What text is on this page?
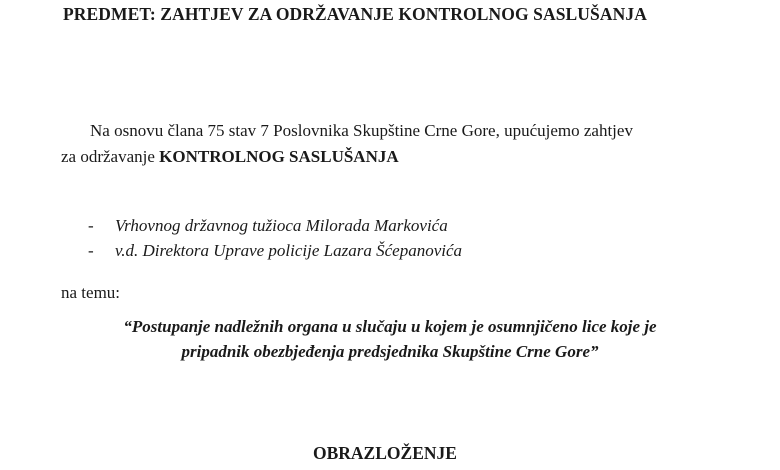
PREDMET: ZAHTJEV ZA ODRŽAVANJE KONTROLNOG SASLUŠANJA
Na osnovu člana 75 stav 7 Poslovnika Skupštine Crne Gore, upućujemo zahtjev
za održavanje KONTROLNOG SASLUŠANJA
-	Vrhovnog državnog tužioca Milorada Markovića
-	v.d. Direktora Uprave policije Lazara Šćepanovića
na temu:
“Postupanje nadležnih organa u slučaju u kojem je osumnjičeno lice koje je
pripadnik obezbjeđenja predsjednika Skupštine Crne Gore”
OBRAZLOŽENJE
